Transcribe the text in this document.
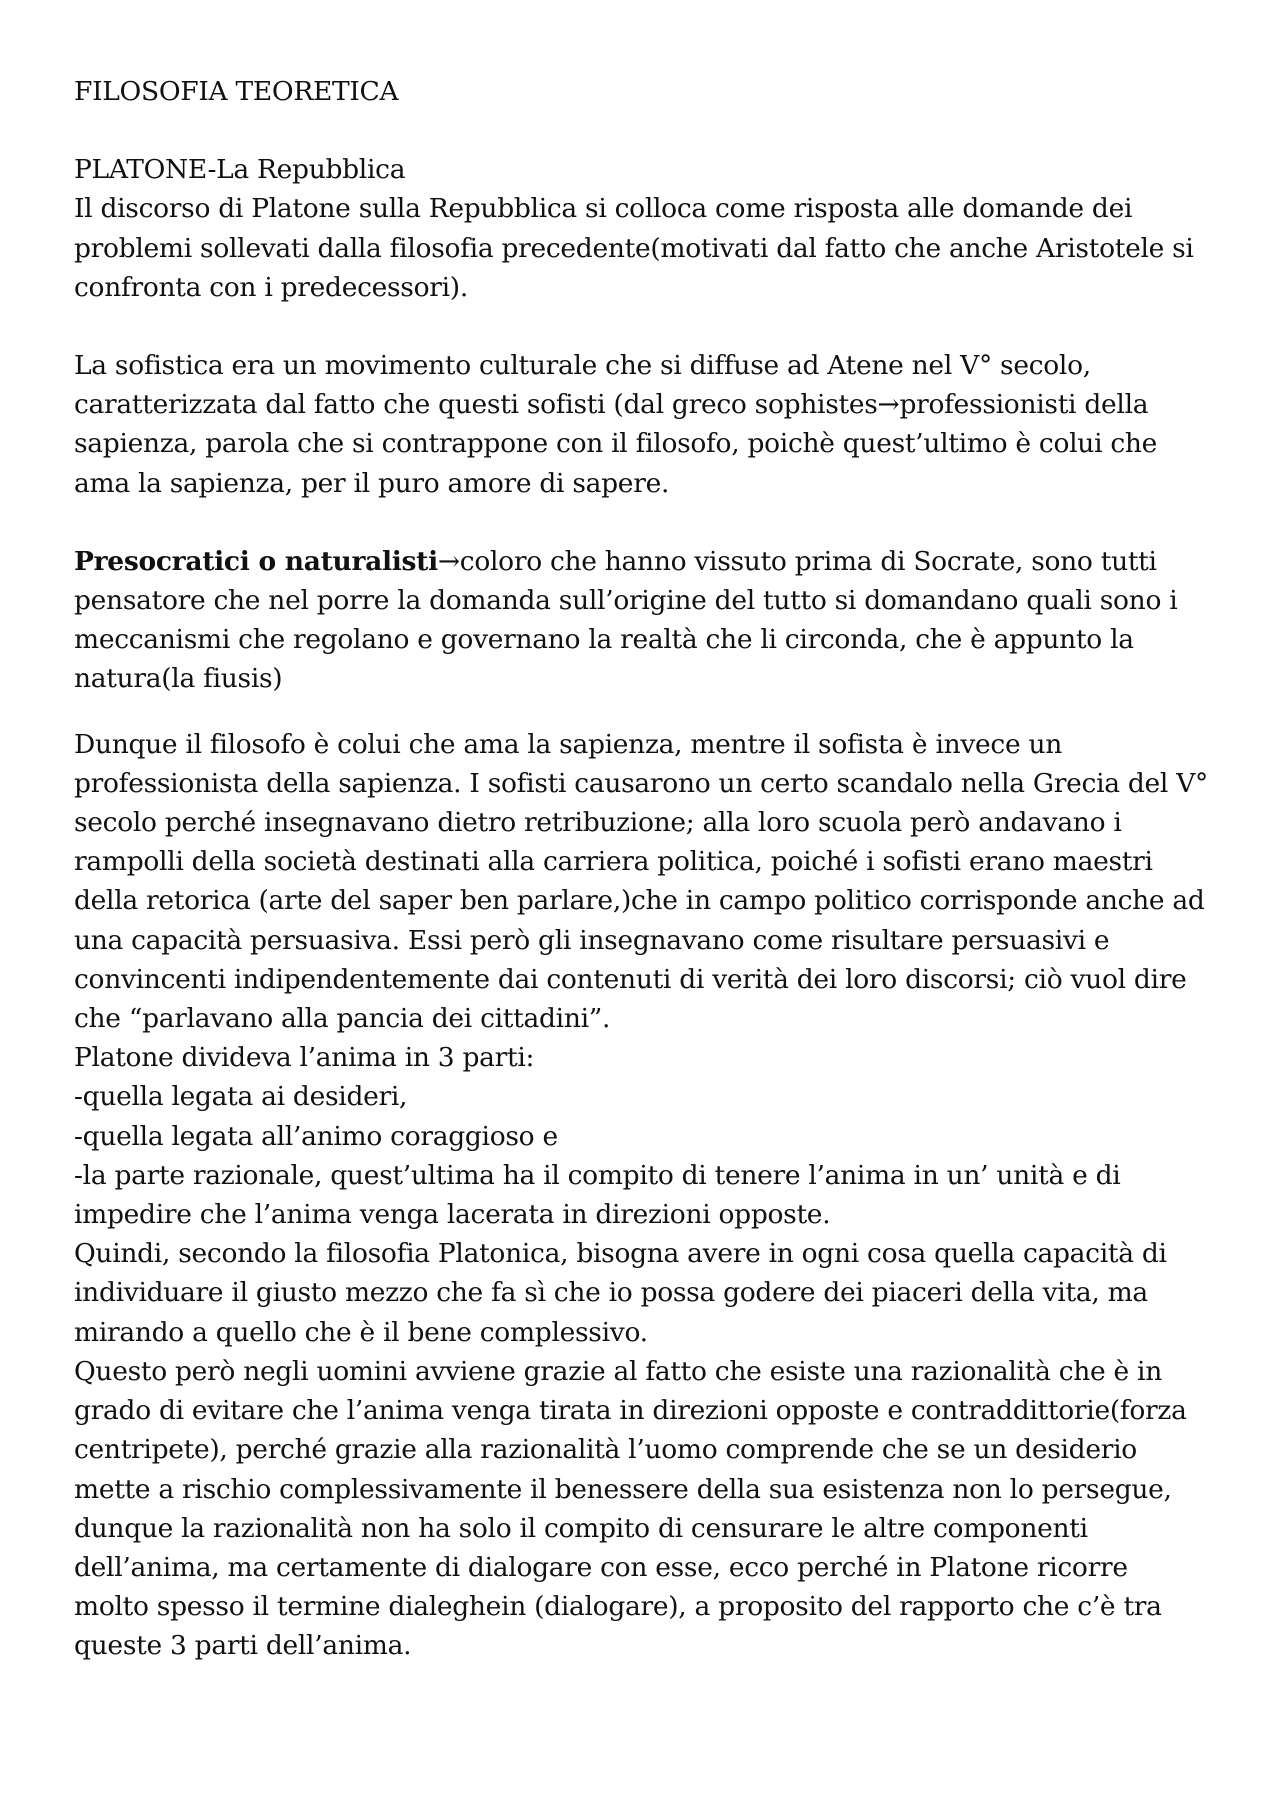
FILOSOFIA TEORETICA

PLATONE-La Repubblica

Il discorso di Platone sulla Repubblica si colloca come risposta alle domande dei
problemi sollevati dalla filosofia precedente(motivati dal fatto che anche Aristotele si
confronta con i predecessori).

La sofistica era un movimento culturale che si diffuse ad Atene nel V° secolo,
caratterizzata dal fatto che questi sofisti (dal greco sophistes→professionisti della
sapienza, parola che si contrappone con il filosofo, poichè quest’ultimo è colui che
ama la sapienza, per il puro amore di sapere.

Presocratici o naturalisti→coloro che hanno vissuto prima di Socrate, sono tutti
pensatore che nel porre la domanda sull’origine del tutto si domandano quali sono i
meccanismi che regolano e governano la realtà che li circonda, che è appunto la
natura(la fiusis)

Dunque il filosofo è colui che ama la sapienza, mentre il sofista è invece un
professionista della sapienza. I sofisti causarono un certo scandalo nella Grecia del V°
secolo perché insegnavano dietro retribuzione; alla loro scuola però andavano i
rampolli della società destinati alla carriera politica, poiché i sofisti erano maestri
della retorica (arte del saper ben parlare,)che in campo politico corrisponde anche ad
una capacità persuasiva. Essi però gli insegnavano come risultare persuasivi e
convincenti indipendentemente dai contenuti di verità dei loro discorsi; ciò vuol dire
che “parlavano alla pancia dei cittadini”.
Platone divideva l’anima in 3 parti:
-quella legata ai desideri,
-quella legata all’animo coraggioso e
-la parte razionale, quest’ultima ha il compito di tenere l’anima in un’ unità e di
impedire che l’anima venga lacerata in direzioni opposte.
Quindi, secondo la filosofia Platonica, bisogna avere in ogni cosa quella capacità di
individuare il giusto mezzo che fa sì che io possa godere dei piaceri della vita, ma
mirando a quello che è il bene complessivo.
Questo però negli uomini avviene grazie al fatto che esiste una razionalità che è in
grado di evitare che l’anima venga tirata in direzioni opposte e contraddittorie(forza
centripete), perché grazie alla razionalità l’uomo comprende che se un desiderio
mette a rischio complessivamente il benessere della sua esistenza non lo persegue,
dunque la razionalità non ha solo il compito di censurare le altre componenti
dell’anima, ma certamente di dialogare con esse, ecco perché in Platone ricorre
molto spesso il termine dialeghein (dialogare), a proposito del rapporto che c’è tra
queste 3 parti dell’anima.
